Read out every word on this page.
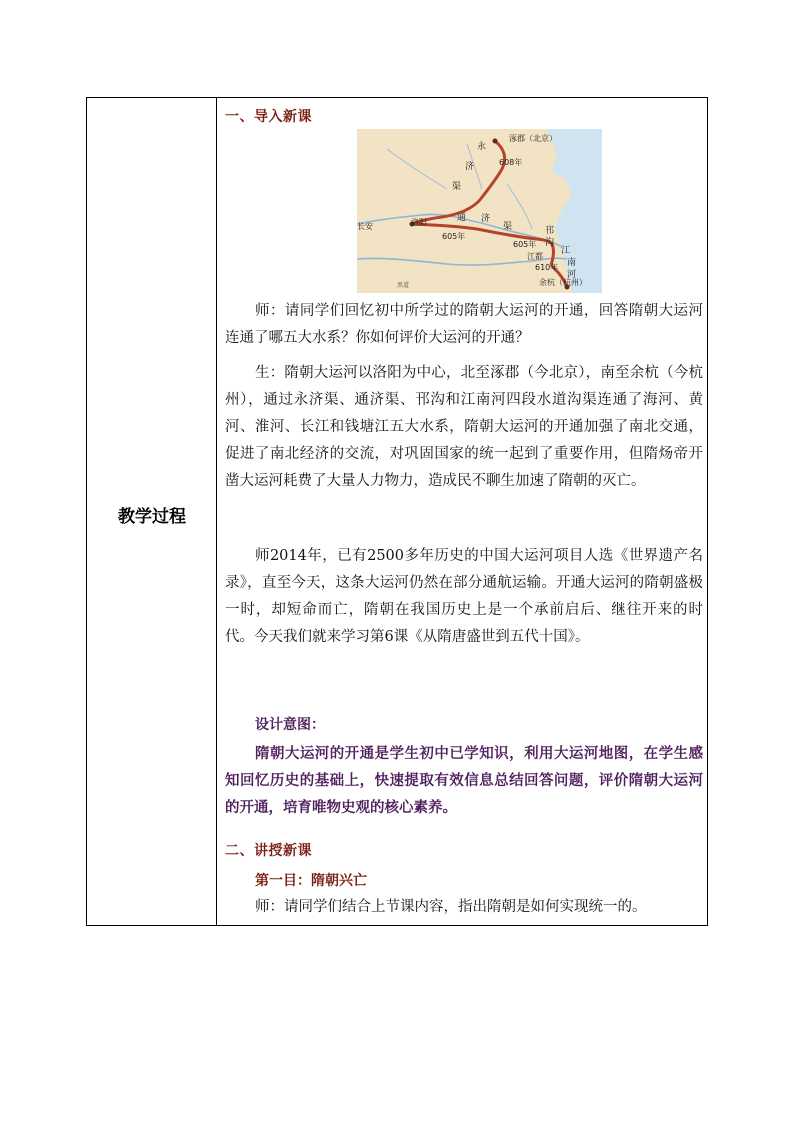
教学过程
一、导入新课
涿郡（北京）
永
济
渠
608年
长安	洛阳	通 济
渠
605年
605年
邗
沟
江
江都
南
河
610年
余杭（杭州）
黑道
师：请同学们回忆初中所学过的隋朝大运河的开通，回答隋朝大运河连通了哪五大水系？你如何评价大运河的开通？
生：隋朝大运河以洛阳为中心，北至涿郡（今北京），南至余杭（今杭州），通过永济渠、通济渠、邗沟和江南河四段水道沟渠连通了海河、黄河、淮河、长江和钱塘江五大水系，隋朝大运河的开通加强了南北交通，促进了南北经济的交流，对巩固国家的统一起到了重要作用，但隋炀帝开凿大运河耗费了大量人力物力，造成民不聊生加速了隋朝的灭亡。
师2014年，已有2500多年历史的中国大运河项目人选《世界遗产名录》，直至今天，这条大运河仍然在部分通航运输。开通大运河的隋朝盛极一时，却短命而亡，隋朝在我国历史上是一个承前启后、继往开来的时代。今天我们就来学习第6课《从隋唐盛世到五代十国》。
设计意图：
隋朝大运河的开通是学生初中已学知识，利用大运河地图，在学生感知回忆历史的基础上，快速提取有效信息总结回答问题，评价隋朝大运河的开通，培育唯物史观的核心素养。
二、讲授新课
第一目：隋朝兴亡
师：请同学们结合上节课内容，指出隋朝是如何实现统一的。
